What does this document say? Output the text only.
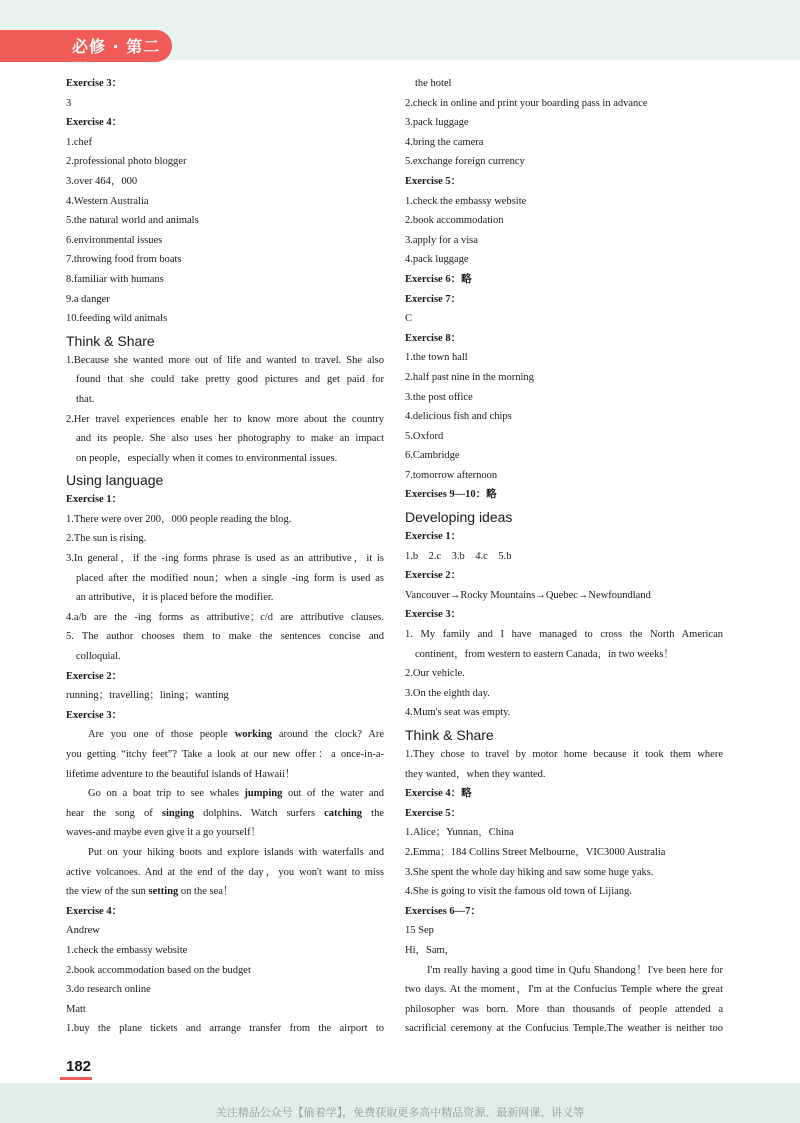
必修 · 第二册
Exercise 3：
3
Exercise 4：
1.chef
2.professional photo blogger
3.over 464，000
4.Western Australia
5.the natural world and animals
6.environmental issues
7.throwing food from boats
8.familiar with humans
9.a danger
10.feeding wild animals
Think & Share
1.Because she wanted more out of life and wanted to travel. She also
found that she could take pretty good pictures and get paid for
that.
2.Her travel experiences enable her to know more about the country
and its people. She also uses her photography to make an impact
on people，especially when it comes to environmental issues.
Using language
Exercise 1：
1.There were over 200，000 people reading the blog.
2.The sun is rising.
3.In general，if the -ing forms phrase is used as an attributive，it is
placed after the modified noun；when a single -ing form is used as
an attributive，it is placed before the modifier.
4.a/b are the -ing forms as attributive；c/d are attributive clauses.
5. The author chooses them to make the sentences concise and
colloquial.
Exercise 2：
running；travelling；lining；wanting
Exercise 3：
Are you one of those people working around the clock? Are
you getting “itchy feet”? Take a look at our new offer：a once-in-a-
lifetime adventure to the beautiful islands of Hawaii！
Go on a boat trip to see whales jumping out of the water and
hear the song of singing dolphins. Watch surfers catching the
waves-and maybe even give it a go yourself！
Put on your hiking boots and explore islands with waterfalls and
active volcanoes. And at the end of the day，you won't want to miss
the view of the sun setting on the sea！
Exercise 4：
Andrew
1.check the embassy website
2.book accommodation based on the budget
3.do research online
Matt
1.buy the plane tickets and arrange transfer from the airport to
the hotel
2.check in online and print your boarding pass in advance
3.pack luggage
4.bring the camera
5.exchange foreign currency
Exercise 5：
1.check the embassy website
2.book accommodation
3.apply for a visa
4.pack luggage
Exercise 6：略
Exercise 7：
C
Exercise 8：
1.the town hall
2.half past nine in the morning
3.the post office
4.delicious fish and chips
5.Oxford
6.Cambridge
7.tomorrow afternoon
Exercises 9—10：略
Developing ideas
Exercise 1：
1.b　2.c　3.b　4.c　5.b
Exercise 2：
Vancouver→Rocky Mountains→Quebec→Newfoundland
Exercise 3：
1. My family and I have managed to cross the North American
continent，from western to eastern Canada，in two weeks！
2.Our vehicle.
3.On the eighth day.
4.Mum's seat was empty.
Think & Share
1.They chose to travel by motor home because it took them where
they wanted，when they wanted.
Exercise 4：略
Exercise 5：
1.Alice；Yunnan，China
2.Emma；184 Collins Street Melbourne，VIC3000 Australia
3.She spent the whole day hiking and saw some huge yaks.
4.She is going to visit the famous old town of Lijiang.
Exercises 6—7：
15 Sep
Hi，Sam，
I'm really having a good time in Qufu Shandong！I've been here for
two days. At the moment，I'm at the Confucius Temple where the great
philosopher was born. More than thousands of people attended a
sacrificial ceremony at the Confucius Temple.The weather is neither too
182
关注精品公众号【偷着学】，免费获取更多高中精品资源、最新网课、讲义等
